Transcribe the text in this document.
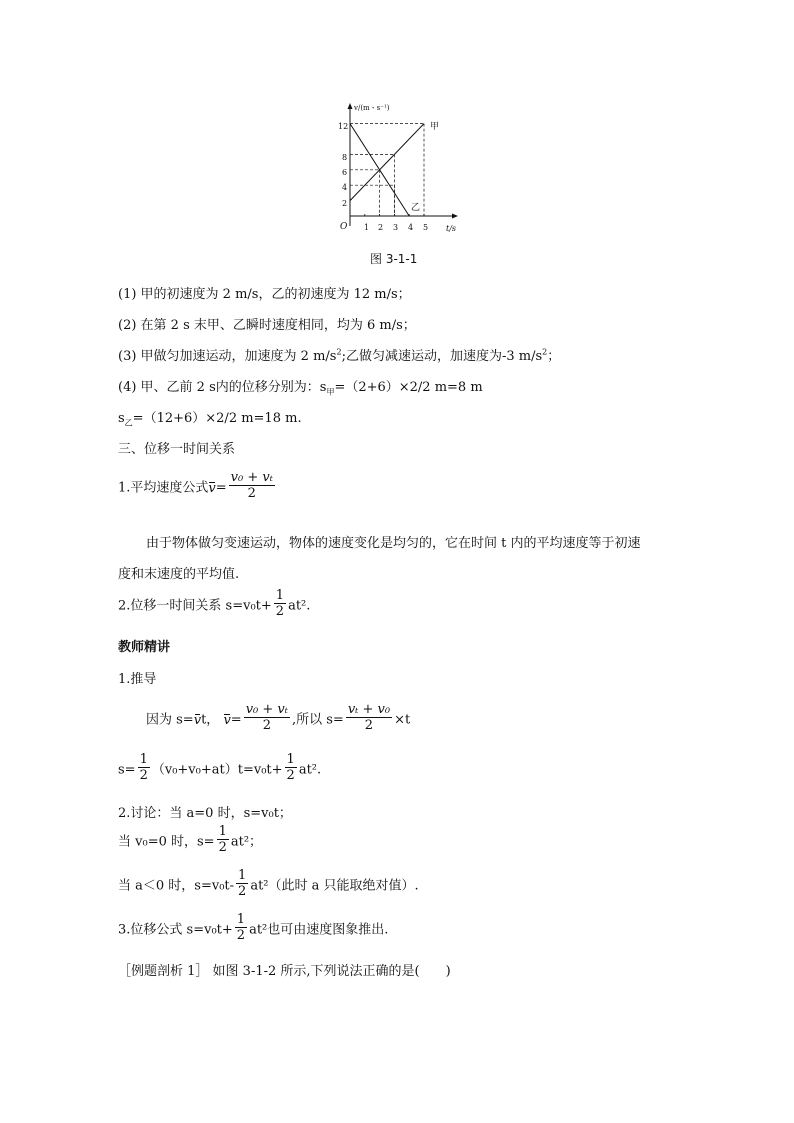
v/(m・s⁻¹)
t/s
O
12
8
6
4
2
1 2 3 4 5
甲
乙
图 3-1-1
(1) 甲的初速度为 2 m/s，乙的初速度为 12 m/s；
(2) 在第 2 s 末甲、乙瞬时速度相同，均为 6 m/s；
(3) 甲做匀加速运动，加速度为 2 $m/s^2$;乙做匀减速运动，加速度为-3 $m/s^2$；
(4) 甲、乙前 2 s内的位移分别为：$s_甲=(2+6)\times 2/2$ m=8 m
$s_乙=(12+6)\times 2/2$ m=18 m.
三、位移一时间关系
1.平均速度公式$v= \frac{\text{v₀ + vₜ}}{2}$
由于物体做匀变速运动，物体的速度变化是均匀的，它在时间 t 内的平均速度等于初速
度和末速度的平均值.
2.位移一时间关系 $s=v_0t+ \frac{1}{2} at^2$.
教师精讲
1.推导
因为 s=vt， $v= \frac{\text{v₀ + vₜ}}{2}$ ,所以 $s= \frac{\text{vₜ + v₀}}{2} \times t$
$s= \frac{1}{2} (v_0+v_0+at)t=v_0t+ \frac{1}{2} at^2$.
2.讨论：当 a=0 时，s=v₀t；
当 v₀=0 时，$s= \frac{1}{2} at^2$；
当 a＜0 时，$s=v_0t- \frac{1}{2} at^2$（此时 a 只能取绝对值）.
3.位移公式 $s=v_0t+ \frac{1}{2} at^2$也可由速度图象推出.
［例题剖析 1］ 如图 3-1-2 所示,下列说法正确的是(　　)
